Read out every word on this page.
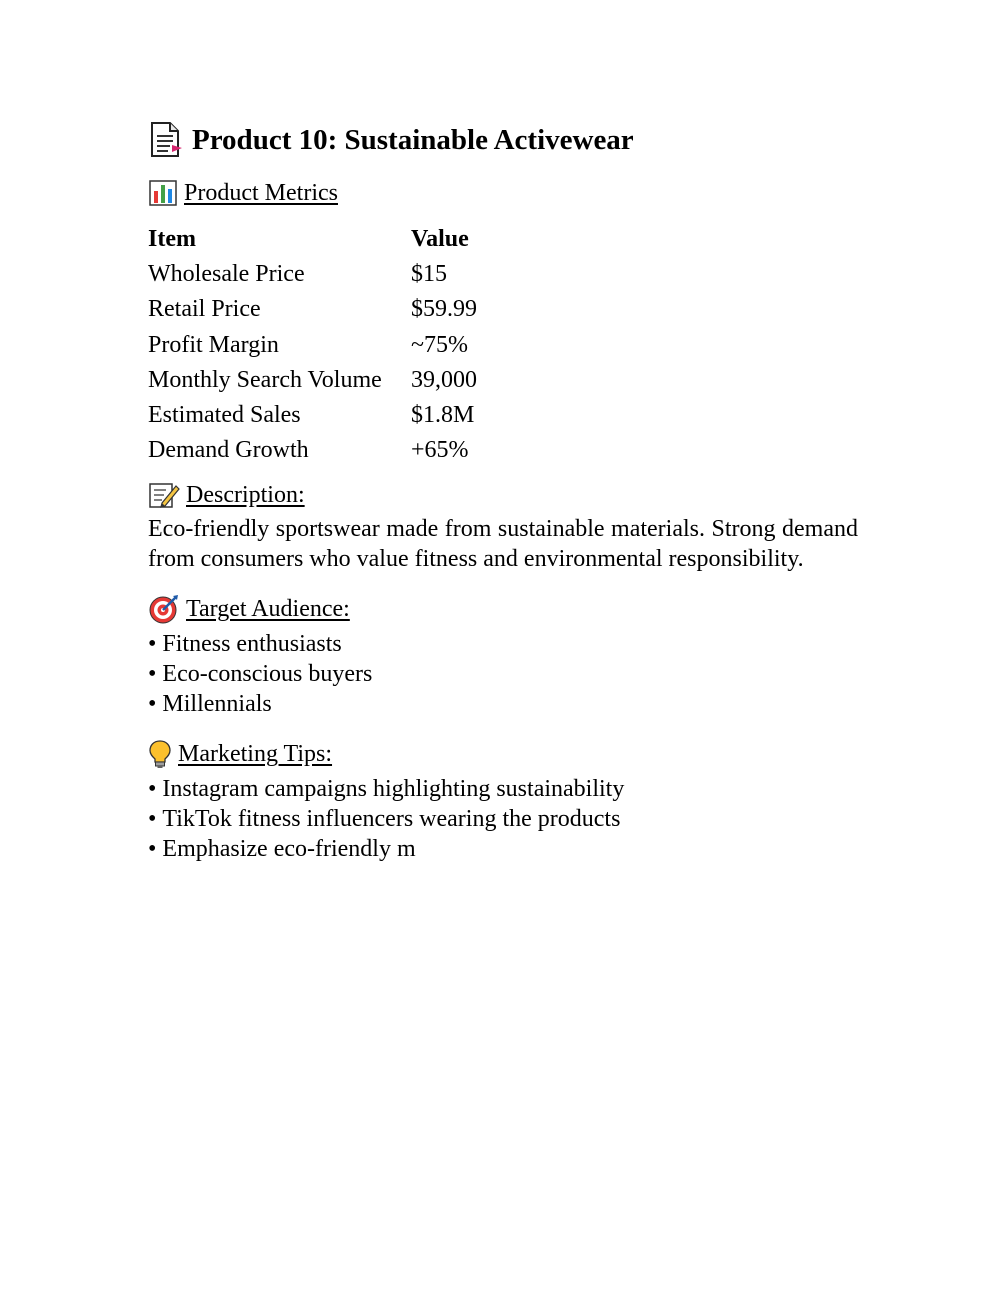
Product 10: Sustainable Activewear
Product Metrics
Item	Value
Wholesale Price	$15
Retail Price	$59.99
Profit Margin	~75%
Monthly Search Volume	39,000
Estimated Sales	$1.8M
Demand Growth	+65%
Description:
Eco-friendly sportswear made from sustainable materials. Strong demand from consumers who value fitness and environmental responsibility.
Target Audience:
• Fitness enthusiasts
• Eco-conscious buyers
• Millennials
Marketing Tips:
• Instagram campaigns highlighting sustainability
• TikTok fitness influencers wearing the products
• Emphasize eco-friendly m
